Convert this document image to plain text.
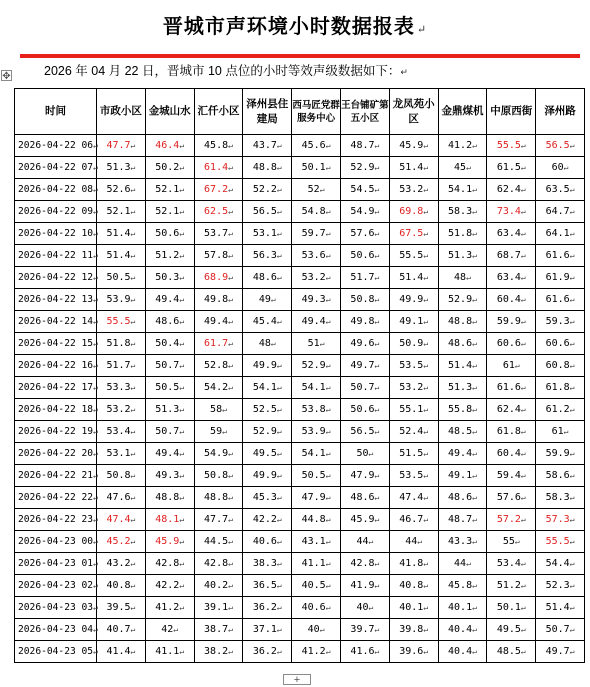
晋城市声环境小时数据报表 ↵
✥	2026 年 04 月 22 日，晋城市 10 点位的小时等效声级数据如下：↵
时间	市政小区	金城山水	汇仟小区	泽州县住建局	西马匠党群服务中心	王台铺矿第五小区	龙凤苑小区	金鼎煤机	中原西街	泽州路
2026-04-22 06↵	47.7↵	46.4↵	45.8↵	43.7↵	45.6↵	48.7↵	45.9↵	41.2↵	55.5↵	56.5↵
2026-04-22 07↵	51.3↵	50.2↵	61.4↵	48.8↵	50.1↵	52.9↵	51.4↵	45↵	61.5↵	60↵
2026-04-22 08↵	52.6↵	52.1↵	67.2↵	52.2↵	52↵	54.5↵	53.2↵	54.1↵	62.4↵	63.5↵
2026-04-22 09↵	52.1↵	52.1↵	62.5↵	56.5↵	54.8↵	54.9↵	69.8↵	58.3↵	73.4↵	64.7↵
2026-04-22 10↵	51.4↵	50.6↵	53.7↵	53.1↵	59.7↵	57.6↵	67.5↵	51.8↵	63.4↵	64.1↵
2026-04-22 11↵	51.4↵	51.2↵	57.8↵	56.3↵	53.6↵	50.6↵	55.5↵	51.3↵	68.7↵	61.6↵
2026-04-22 12↵	50.5↵	50.3↵	68.9↵	48.6↵	53.2↵	51.7↵	51.4↵	48↵	63.4↵	61.9↵
2026-04-22 13↵	53.9↵	49.4↵	49.8↵	49↵	49.3↵	50.8↵	49.9↵	52.9↵	60.4↵	61.6↵
2026-04-22 14↵	55.5↵	48.6↵	49.4↵	45.4↵	49.4↵	49.8↵	49.1↵	48.8↵	59.9↵	59.3↵
2026-04-22 15↵	51.8↵	50.4↵	61.7↵	48↵	51↵	49.6↵	50.9↵	48.6↵	60.6↵	60.6↵
2026-04-22 16↵	51.7↵	50.7↵	52.8↵	49.9↵	52.9↵	49.7↵	53.5↵	51.4↵	61↵	60.8↵
2026-04-22 17↵	53.3↵	50.5↵	54.2↵	54.1↵	54.1↵	50.7↵	53.2↵	51.3↵	61.6↵	61.8↵
2026-04-22 18↵	53.2↵	51.3↵	58↵	52.5↵	53.8↵	50.6↵	55.1↵	55.8↵	62.4↵	61.2↵
2026-04-22 19↵	53.4↵	50.7↵	59↵	52.9↵	53.9↵	56.5↵	52.4↵	48.5↵	61.8↵	61↵
2026-04-22 20↵	53.1↵	49.4↵	54.9↵	49.5↵	54.1↵	50↵	51.5↵	49.4↵	60.4↵	59.9↵
2026-04-22 21↵	50.8↵	49.3↵	50.8↵	49.9↵	50.5↵	47.9↵	53.5↵	49.1↵	59.4↵	58.6↵
2026-04-22 22↵	47.6↵	48.8↵	48.8↵	45.3↵	47.9↵	48.6↵	47.4↵	48.6↵	57.6↵	58.3↵
2026-04-22 23↵	47.4↵	48.1↵	47.7↵	42.2↵	44.8↵	45.9↵	46.7↵	48.7↵	57.2↵	57.3↵
2026-04-23 00↵	45.2↵	45.9↵	44.5↵	40.6↵	43.1↵	44↵	44↵	43.3↵	55↵	55.5↵
2026-04-23 01↵	43.2↵	42.8↵	42.8↵	38.3↵	41.1↵	42.8↵	41.8↵	44↵	53.4↵	54.4↵
2026-04-23 02↵	40.8↵	42.2↵	40.2↵	36.5↵	40.5↵	41.9↵	40.8↵	45.8↵	51.2↵	52.3↵
2026-04-23 03↵	39.5↵	41.2↵	39.1↵	36.2↵	40.6↵	40↵	40.1↵	40.1↵	50.1↵	51.4↵
2026-04-23 04↵	40.7↵	42↵	38.7↵	37.1↵	40↵	39.7↵	39.8↵	40.4↵	49.5↵	50.7↵
2026-04-23 05↵	41.4↵	41.1↵	38.2↵	36.2↵	41.2↵	41.6↵	39.6↵	40.4↵	48.5↵	49.7↵
+
